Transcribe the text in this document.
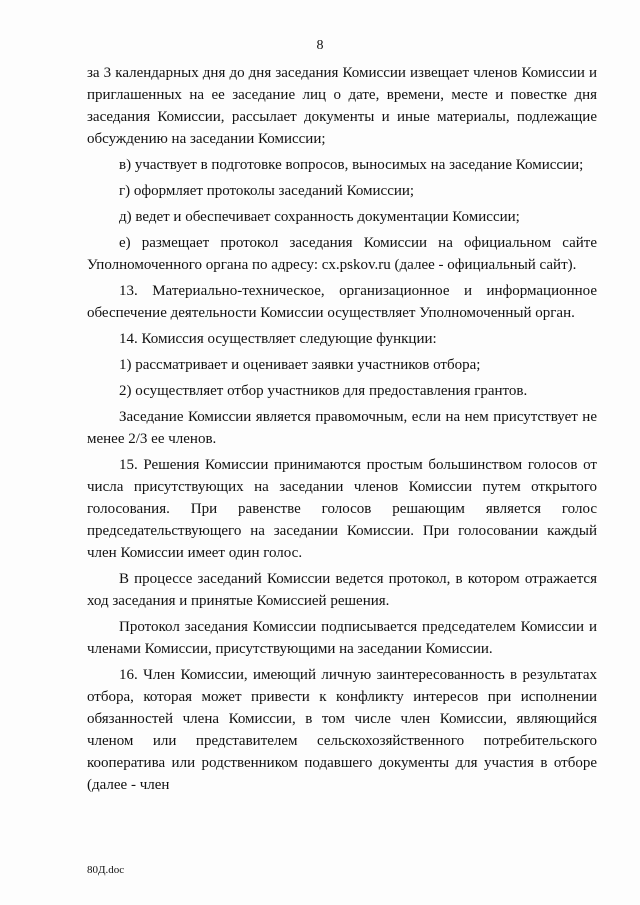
8

за 3 календарных дня до дня заседания Комиссии извещает членов Комиссии и приглашенных на ее заседание лиц о дате, времени, месте и повестке дня заседания Комиссии, рассылает документы и иные материалы, подлежащие обсуждению на заседании Комиссии;

в) участвует в подготовке вопросов, выносимых на заседание Комиссии;

г) оформляет протоколы заседаний Комиссии;

д) ведет и обеспечивает сохранность документации Комиссии;

е) размещает протокол заседания Комиссии на официальном сайте Уполномоченного органа по адресу: cx.pskov.ru (далее - официальный сайт).

13. Материально-техническое, организационное и информационное обеспечение деятельности Комиссии осуществляет Уполномоченный орган.

14. Комиссия осуществляет следующие функции:

1) рассматривает и оценивает заявки участников отбора;

2) осуществляет отбор участников для предоставления грантов.

Заседание Комиссии является правомочным, если на нем присутствует не менее 2/3 ее членов.

15. Решения Комиссии принимаются простым большинством голосов от числа присутствующих на заседании членов Комиссии путем открытого голосования. При равенстве голосов решающим является голос председательствующего на заседании Комиссии. При голосовании каждый член Комиссии имеет один голос.

В процессе заседаний Комиссии ведется протокол, в котором отражается ход заседания и принятые Комиссией решения.

Протокол заседания Комиссии подписывается председателем Комиссии и членами Комиссии, присутствующими на заседании Комиссии.

16. Член Комиссии, имеющий личную заинтересованность в результатах отбора, которая может привести к конфликту интересов при исполнении обязанностей члена Комиссии, в том числе член Комиссии, являющийся членом или представителем сельскохозяйственного потребительского кооператива или родственником подавшего документы для участия в отборе (далее - член

80Д.doc
